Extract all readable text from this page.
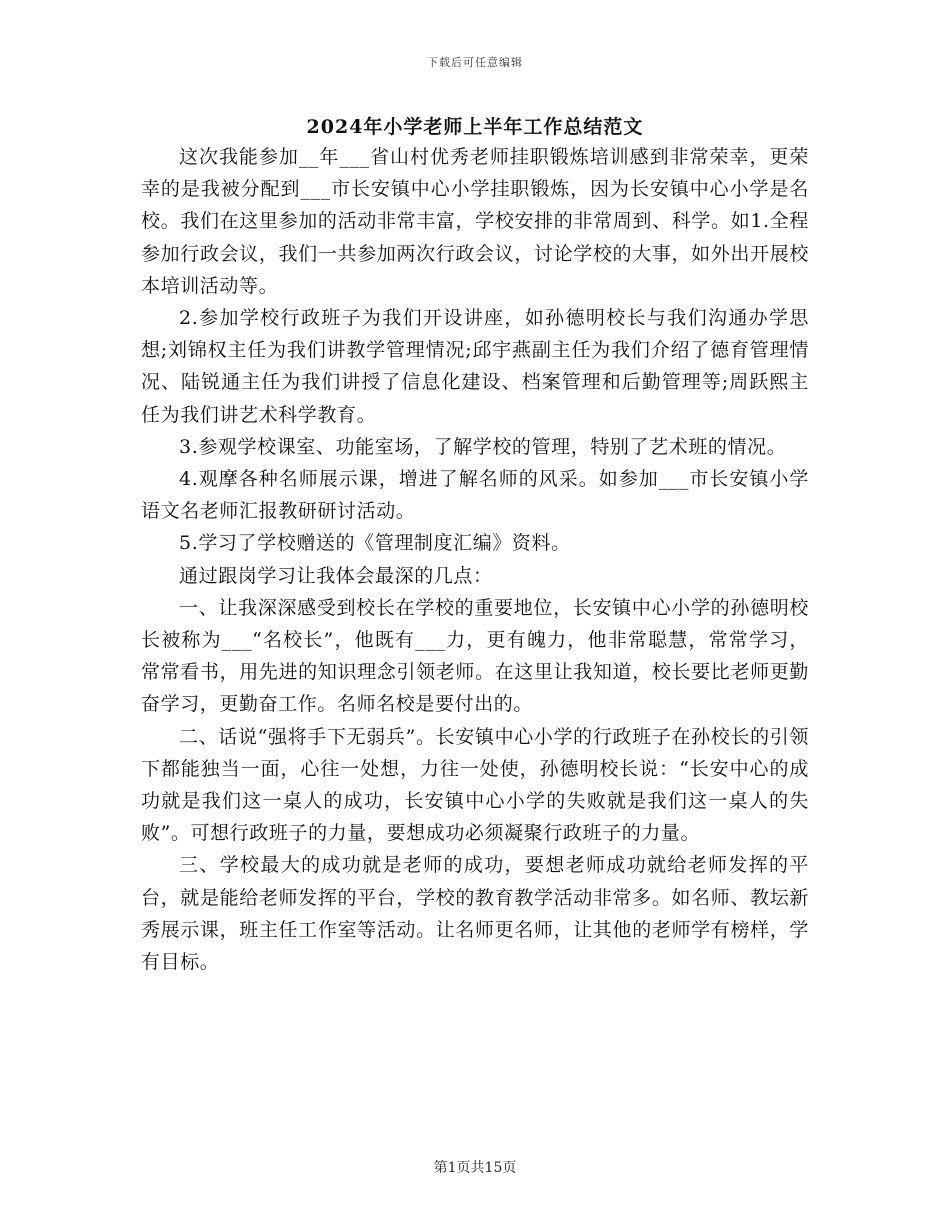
下载后可任意编辑
2024年小学老师上半年工作总结范文

这次我能参加__年___省山村优秀老师挂职锻炼培训感到非常荣幸，更荣幸的是我被分配到___市长安镇中心小学挂职锻炼，因为长安镇中心小学是名校。我们在这里参加的活动非常丰富，学校安排的非常周到、科学。如1.全程参加行政会议，我们一共参加两次行政会议，讨论学校的大事，如外出开展校本培训活动等。

2.参加学校行政班子为我们开设讲座，如孙德明校长与我们沟通办学思想;刘锦权主任为我们讲教学管理情况;邱宇燕副主任为我们介绍了德育管理情况、陆锐通主任为我们讲授了信息化建设、档案管理和后勤管理等;周跃熙主任为我们讲艺术科学教育。

3.参观学校课室、功能室场，了解学校的管理，特别了艺术班的情况。

4.观摩各种名师展示课，增进了解名师的风采。如参加___市长安镇小学语文名老师汇报教研研讨活动。

5.学习了学校赠送的《管理制度汇编》资料。

通过跟岗学习让我体会最深的几点：

一、让我深深感受到校长在学校的重要地位，长安镇中心小学的孙德明校长被称为___“名校长”，他既有___力，更有魄力，他非常聪慧，常常学习，常常看书，用先进的知识理念引领老师。在这里让我知道，校长要比老师更勤奋学习，更勤奋工作。名师名校是要付出的。

二、话说“强将手下无弱兵”。长安镇中心小学的行政班子在孙校长的引领下都能独当一面，心往一处想，力往一处使，孙德明校长说：“长安中心的成功就是我们这一桌人的成功，长安镇中心小学的失败就是我们这一桌人的失败”。可想行政班子的力量，要想成功必须凝聚行政班子的力量。

三、学校最大的成功就是老师的成功，要想老师成功就给老师发挥的平台，就是能给老师发挥的平台，学校的教育教学活动非常多。如名师、教坛新秀展示课，班主任工作室等活动。让名师更名师，让其他的老师学有榜样，学有目标。

第1页共15页
